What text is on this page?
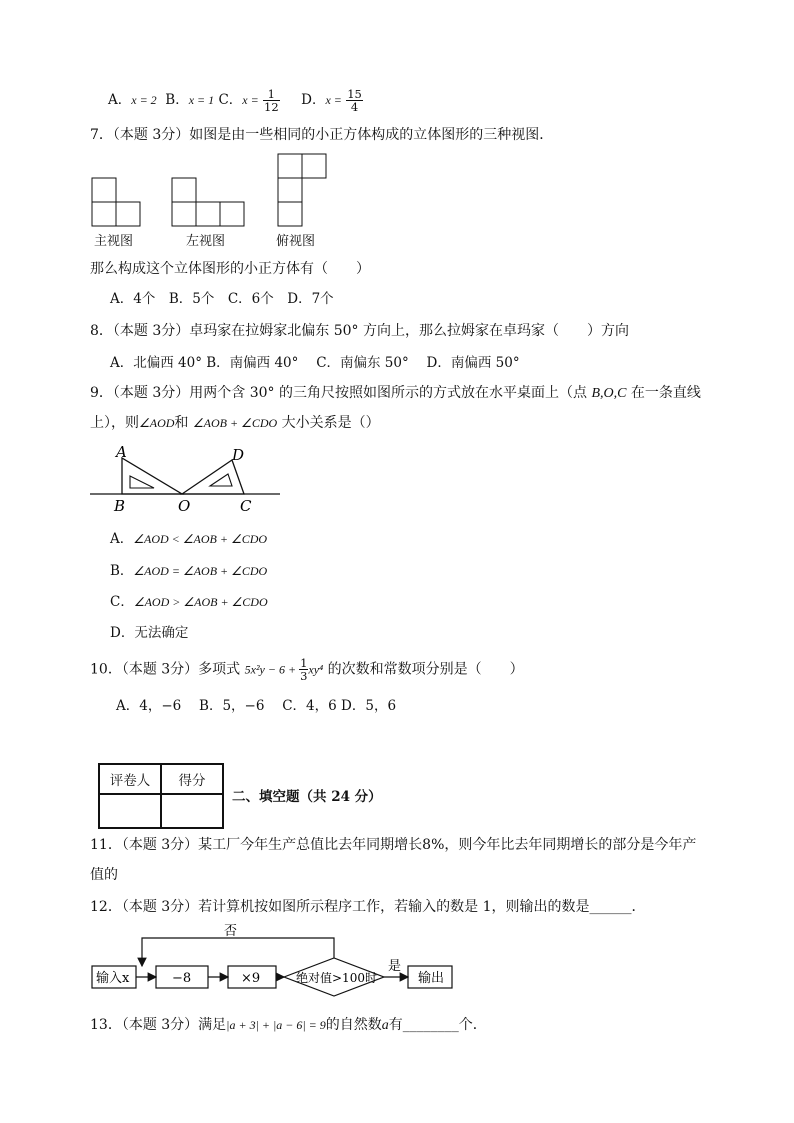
A．x = 2 B．x = 1 C．$x = \frac{1}{12}$ D．$x = \frac{15}{4}$
7．（本题 3分）如图是由一些相同的小正方体构成的立体图形的三种视图．
主视图	左视图	俯视图
那么构成这个立体图形的小正方体有（　　）
A．4个　B．5个　C．6个　D．7个
8．（本题 3分）卓玛家在拉姆家北偏东 50° 方向上，那么拉姆家在卓玛家（　　）方向
A．北偏西 40° B．南偏西 40°　 C．南偏东 50°　 D．南偏西 50°
9．（本题 3分）用两个含 30° 的三角尺按照如图所示的方式放在水平桌面上（点 B,O,C 在一条直线
上），则∠AOD和 ∠AOB + ∠CDO 大小关系是（）
A	D
B	O	C
A．∠AOD < ∠AOB + ∠CDO
B．∠AOD = ∠AOB + ∠CDO
C．∠AOD > ∠AOB + ∠CDO
D．无法确定
10．（本题 3分）多项式 $5x^2y - 6 + \frac{1}{3} xy^4$ 的次数和常数项分别是（　　）
A．4，−6　 B．5，−6　 C．4，6 D．5，6
评卷人	得分

二、填空题（共 24 分）
11．（本题 3分）某工厂今年生产总值比去年同期增长8%，则今年比去年同期增长的部分是今年产
值的
12．（本题 3分）若计算机按如图所示程序工作，若输入的数是 1，则输出的数是______．
输入x	−8	×9	绝对值>100时
是
输出
否
13．（本题 3分）满足|a + 3| + |a − 6| = 9的自然数a有________个．
